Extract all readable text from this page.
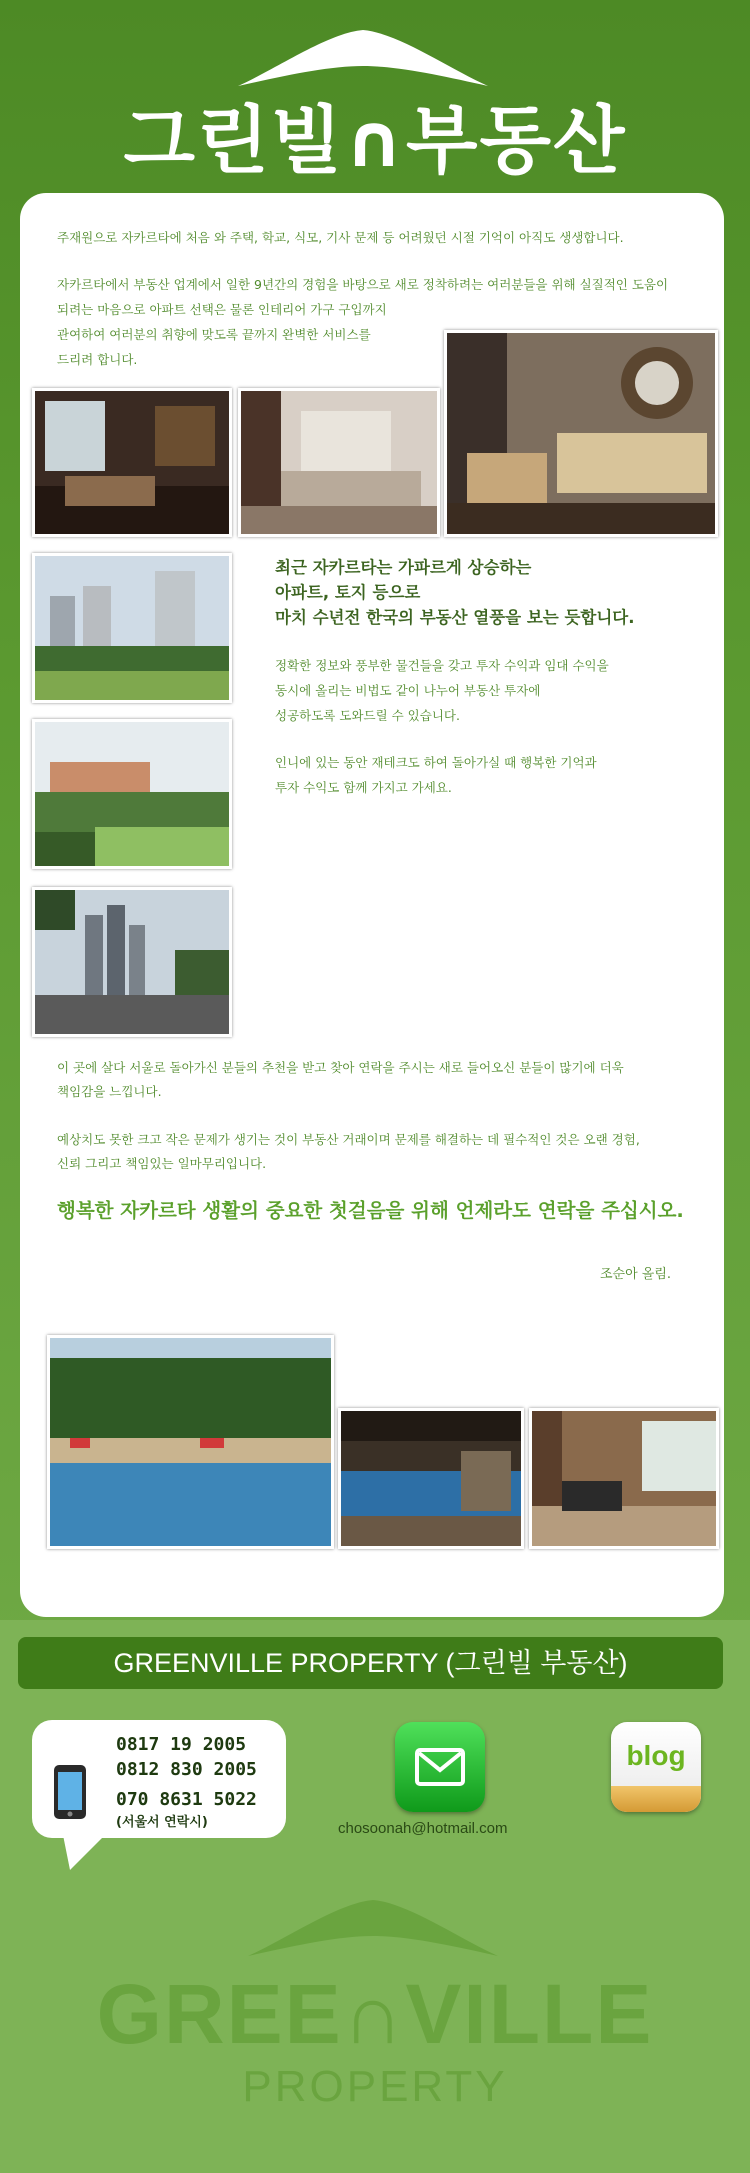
그린빌∩부동산
주재원으로 자카르타에 처음 와 주택, 학교, 식모, 기사 문제 등 어려웠던 시절 기억이 아직도 생생합니다.
자카르타에서 부동산 업계에서 일한 9년간의 경험을 바탕으로 새로 정착하려는 여러분들을 위해 실질적인 도움이
되려는 마음으로 아파트 선택은 물론 인테리어 가구 구입까지
관여하여 여러분의 취향에 맞도록 끝까지 완벽한 서비스를
드리려 합니다.
최근 자카르타는 가파르게 상승하는
아파트, 토지 등으로
마치 수년전 한국의 부동산 열풍을 보는 듯합니다.
정확한 정보와 풍부한 물건들을 갖고 투자 수익과 임대 수익을
동시에 올리는 비법도 같이 나누어 부동산 투자에
성공하도록 도와드릴 수 있습니다.
인니에 있는 동안 재테크도 하여 돌아가실 때 행복한 기억과
투자 수익도 함께 가지고 가세요.
이 곳에 살다 서울로 돌아가신 분들의 추천을 받고 찾아 연락을 주시는 새로 들어오신 분들이 많기에 더욱
책임감을 느낍니다.
예상치도 못한 크고 작은 문제가 생기는 것이 부동산 거래이며 문제를 해결하는 데 필수적인 것은 오랜 경험,
신뢰 그리고 책임있는 일마무리입니다.
행복한 자카르타 생활의 중요한 첫걸음을 위해 언제라도 연락을 주십시오.
조순아 올림.
GREENVILLE PROPERTY (그린빌 부동산)
0817 19 2005
0812 830 2005
070 8631 5022
(서울서 연락시)	chosoonah@hotmail.com
blog
GREE∩VILLE
PROPERTY
